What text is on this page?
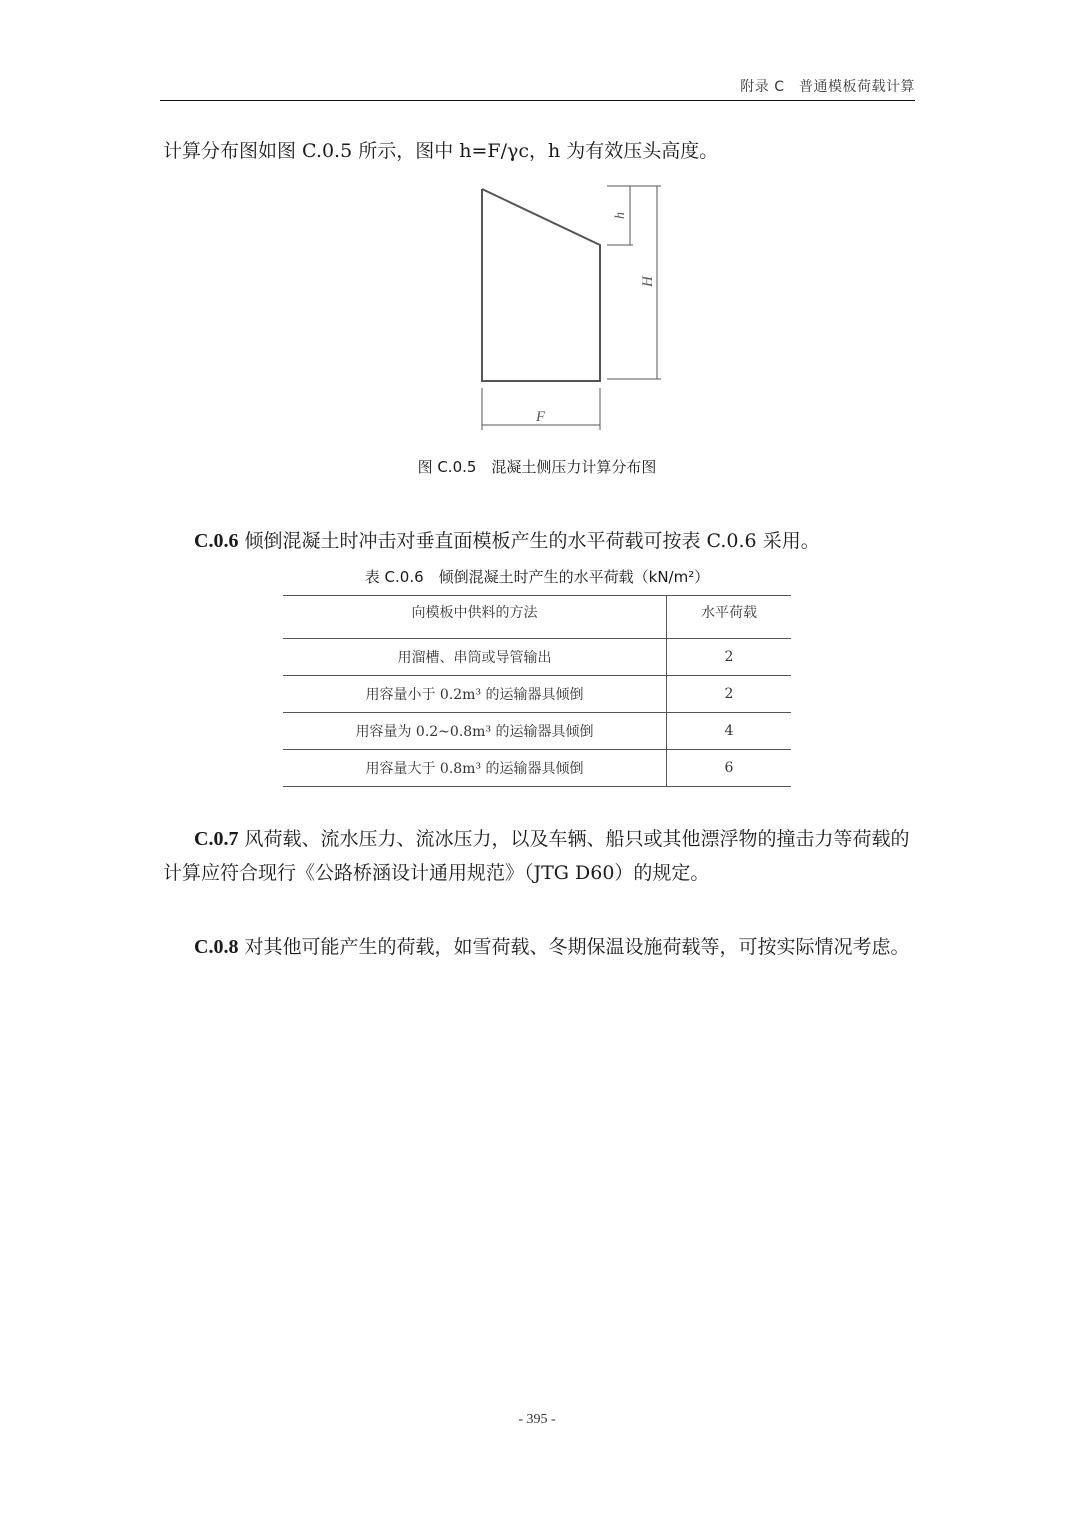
附录 C　普通模板荷载计算
计算分布图如图 C.0.5 所示，图中 h=F/γc，h 为有效压头高度。
h
H
F
图 C.0.5　混凝土侧压力计算分布图
C.0.6 倾倒混凝土时冲击对垂直面模板产生的水平荷载可按表 C.0.6 采用。
表 C.0.6　倾倒混凝土时产生的水平荷载（kN/m²）
向模板中供料的方法	水平荷载
用溜槽、串筒或导管输出	2
用容量小于 0.2m³ 的运输器具倾倒	2
用容量为 0.2~0.8m³ 的运输器具倾倒	4
用容量大于 0.8m³ 的运输器具倾倒	6
C.0.7 风荷载、流水压力、流冰压力，以及车辆、船只或其他漂浮物的撞击力等荷载的计算应符合现行《公路桥涵设计通用规范》（JTG D60）的规定。
C.0.8 对其他可能产生的荷载，如雪荷载、冬期保温设施荷载等，可按实际情况考虑。
- 395 -
